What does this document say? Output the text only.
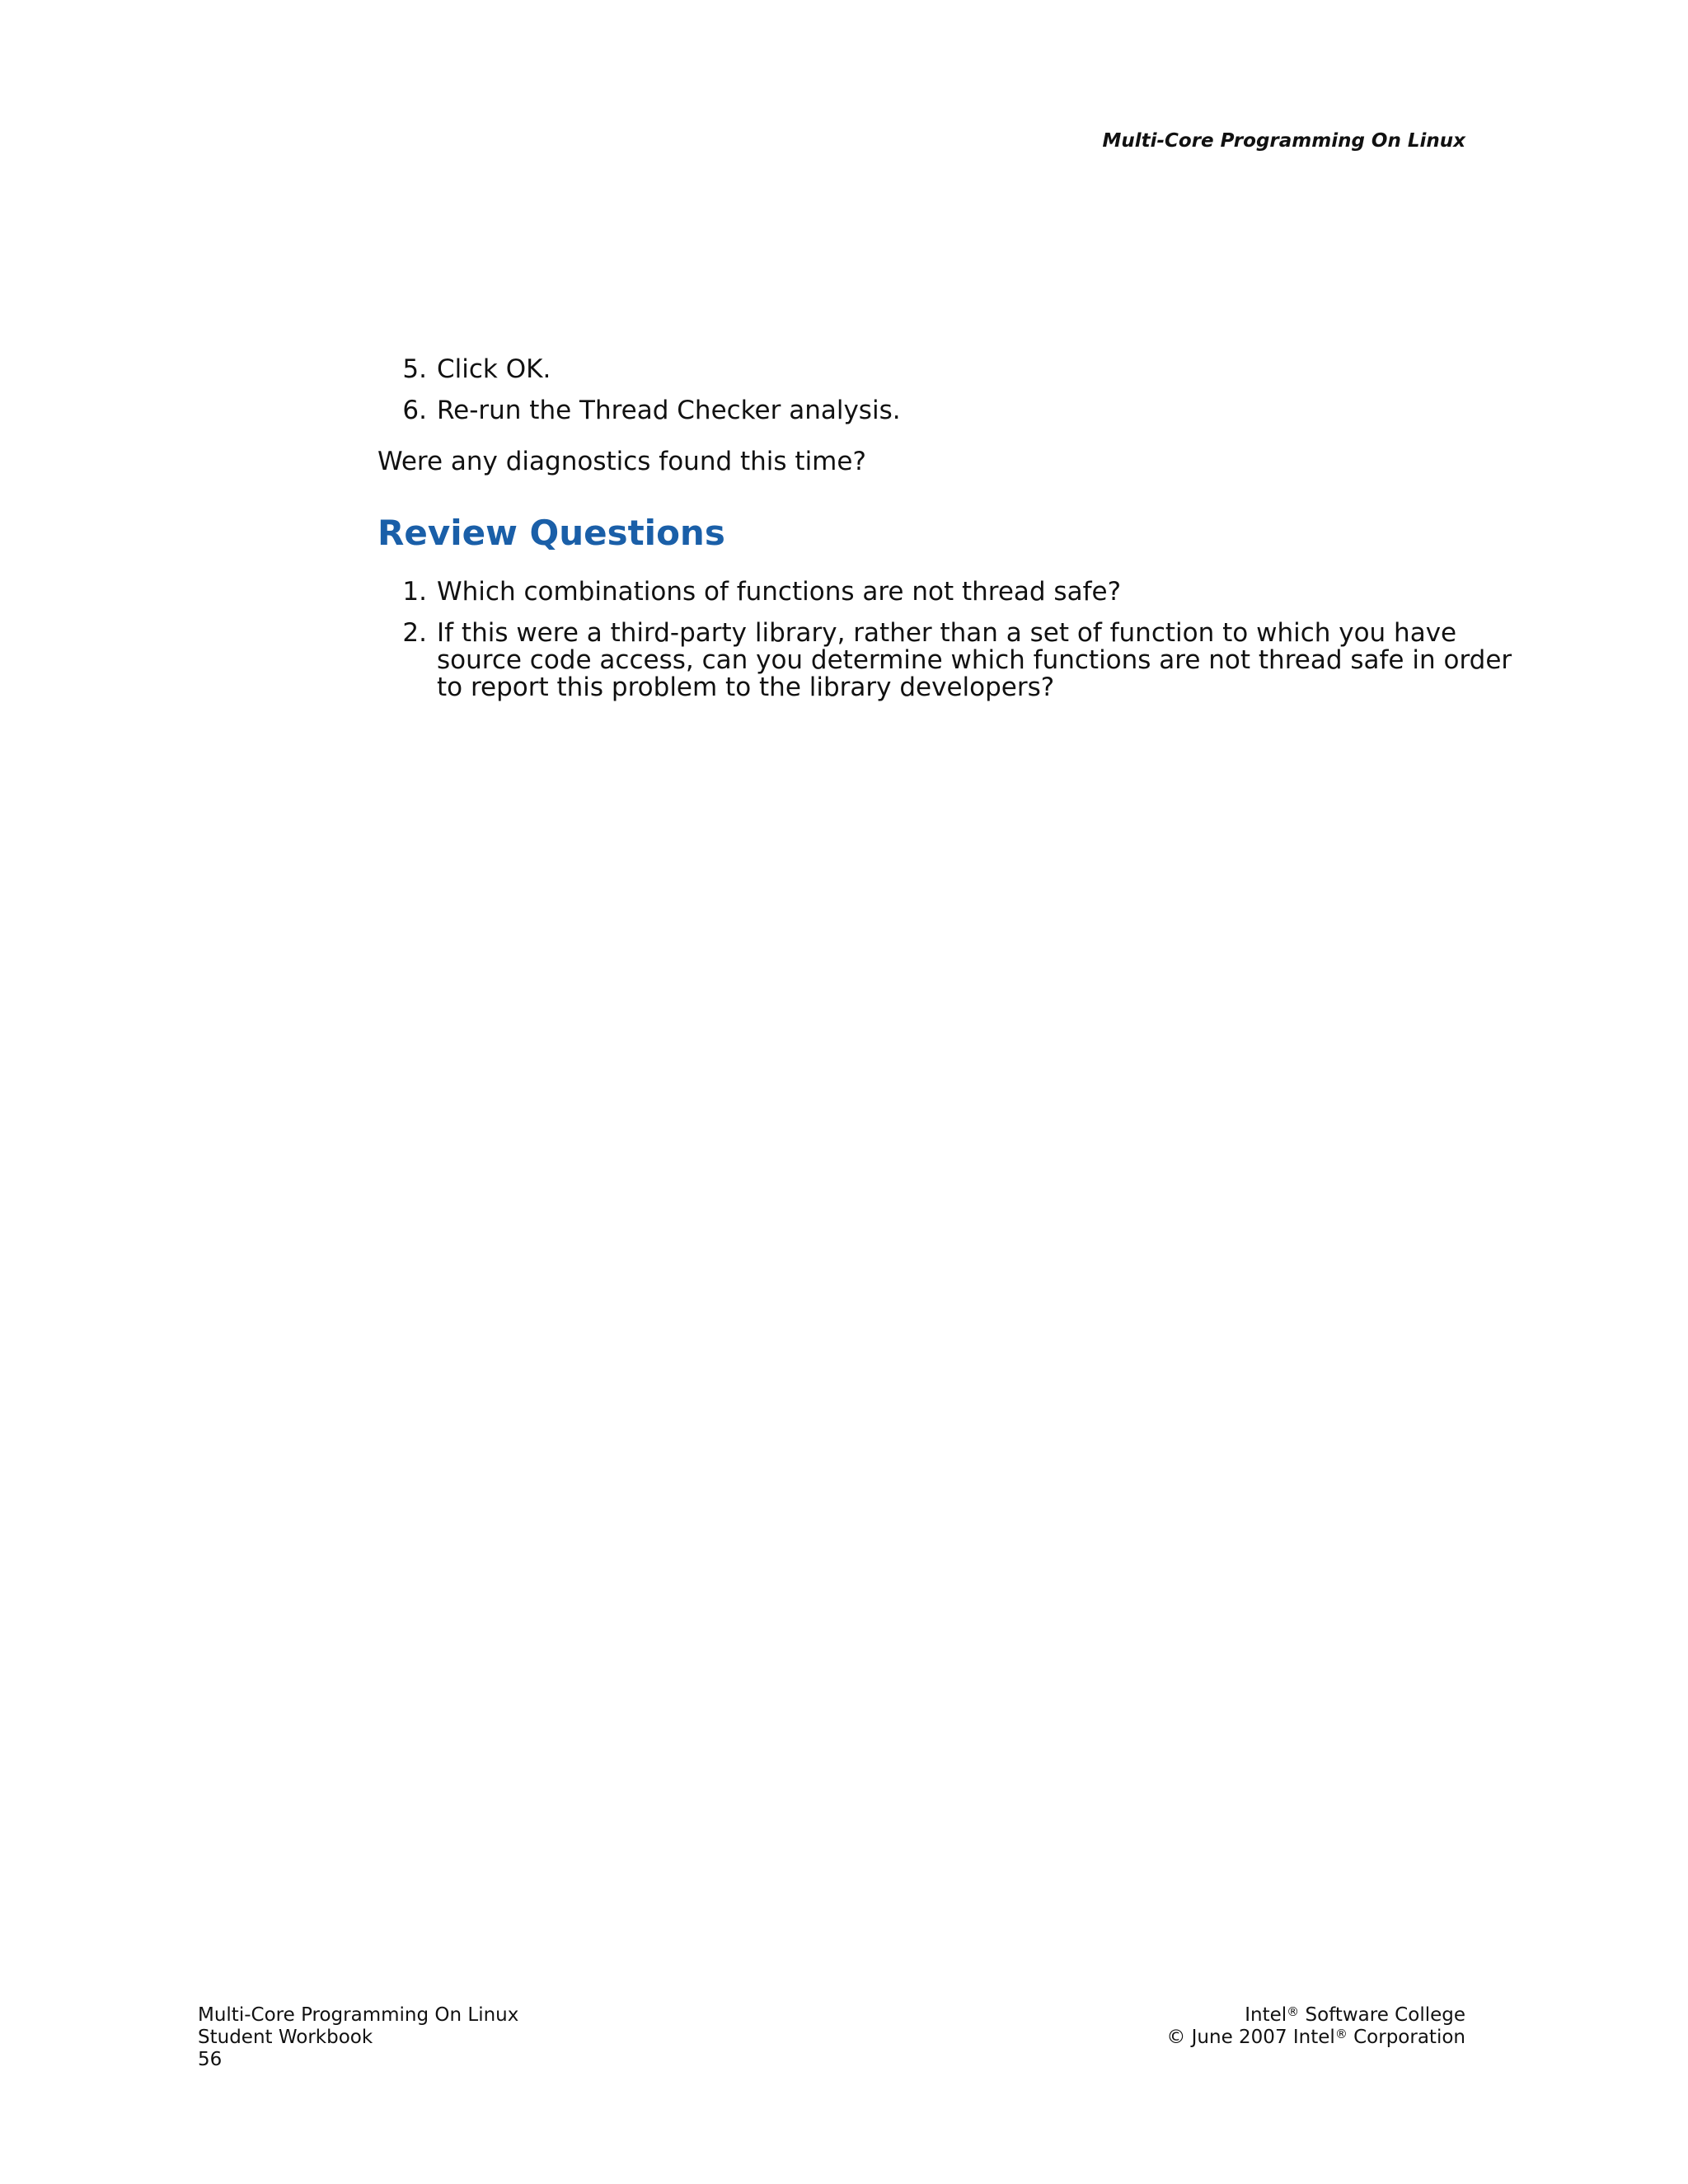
Multi-Core Programming On Linux
5. Click OK.
6. Re-run the Thread Checker analysis.

Were any diagnostics found this time?

Review Questions
1. Which combinations of functions are not thread safe?
2. If this were a third-party library, rather than a set of function to which you have
source code access, can you determine which functions are not thread safe in order
to report this problem to the library developers?
Multi-Core Programming On Linux
Student Workbook
56
Intel® Software College
© June 2007 Intel® Corporation
